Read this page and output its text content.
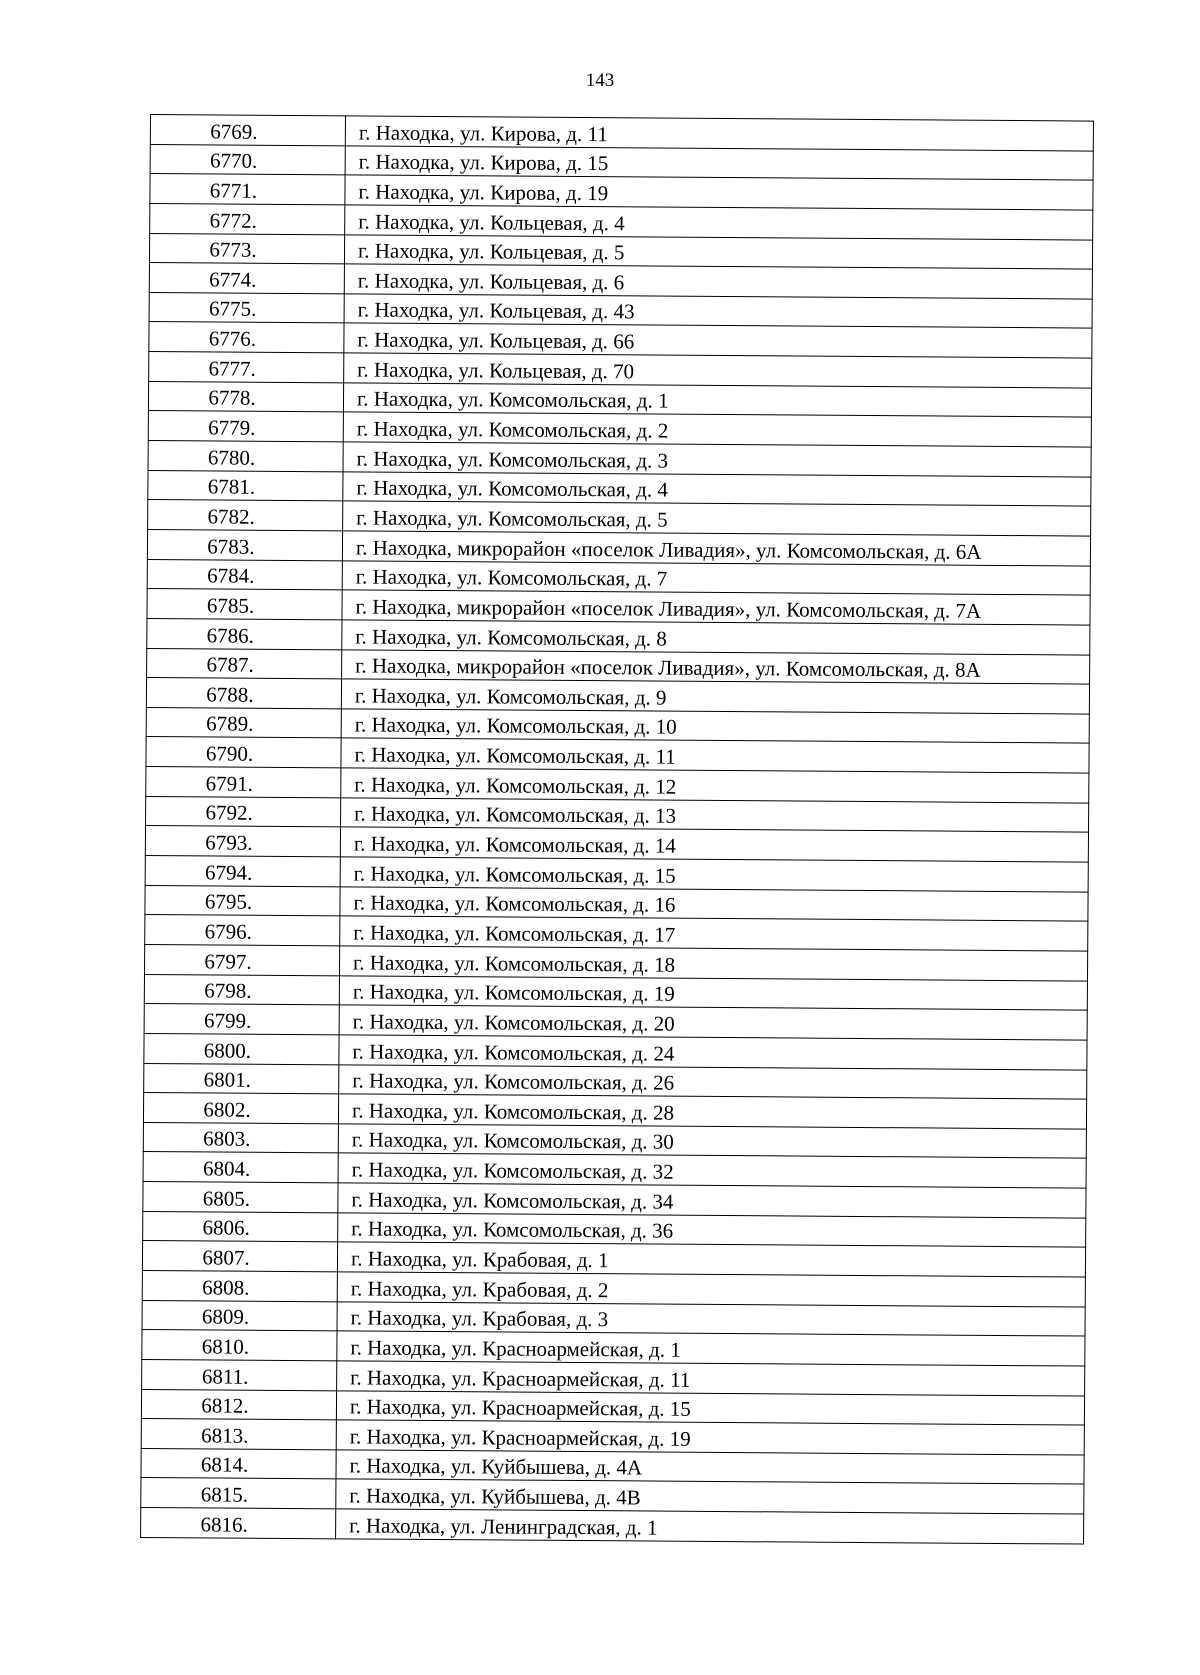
143
6769.	г. Находка, ул. Кирова, д. 11
6770.	г. Находка, ул. Кирова, д. 15
6771.	г. Находка, ул. Кирова, д. 19
6772.	г. Находка, ул. Кольцевая, д. 4
6773.	г. Находка, ул. Кольцевая, д. 5
6774.	г. Находка, ул. Кольцевая, д. 6
6775.	г. Находка, ул. Кольцевая, д. 43
6776.	г. Находка, ул. Кольцевая, д. 66
6777.	г. Находка, ул. Кольцевая, д. 70
6778.	г. Находка, ул. Комсомольская, д. 1
6779.	г. Находка, ул. Комсомольская, д. 2
6780.	г. Находка, ул. Комсомольская, д. 3
6781.	г. Находка, ул. Комсомольская, д. 4
6782.	г. Находка, ул. Комсомольская, д. 5
6783.	г. Находка, микрорайон «поселок Ливадия», ул. Комсомольская, д. 6А
6784.	г. Находка, ул. Комсомольская, д. 7
6785.	г. Находка, микрорайон «поселок Ливадия», ул. Комсомольская, д. 7А
6786.	г. Находка, ул. Комсомольская, д. 8
6787.	г. Находка, микрорайон «поселок Ливадия», ул. Комсомольская, д. 8А
6788.	г. Находка, ул. Комсомольская, д. 9
6789.	г. Находка, ул. Комсомольская, д. 10
6790.	г. Находка, ул. Комсомольская, д. 11
6791.	г. Находка, ул. Комсомольская, д. 12
6792.	г. Находка, ул. Комсомольская, д. 13
6793.	г. Находка, ул. Комсомольская, д. 14
6794.	г. Находка, ул. Комсомольская, д. 15
6795.	г. Находка, ул. Комсомольская, д. 16
6796.	г. Находка, ул. Комсомольская, д. 17
6797.	г. Находка, ул. Комсомольская, д. 18
6798.	г. Находка, ул. Комсомольская, д. 19
6799.	г. Находка, ул. Комсомольская, д. 20
6800.	г. Находка, ул. Комсомольская, д. 24
6801.	г. Находка, ул. Комсомольская, д. 26
6802.	г. Находка, ул. Комсомольская, д. 28
6803.	г. Находка, ул. Комсомольская, д. 30
6804.	г. Находка, ул. Комсомольская, д. 32
6805.	г. Находка, ул. Комсомольская, д. 34
6806.	г. Находка, ул. Комсомольская, д. 36
6807.	г. Находка, ул. Крабовая, д. 1
6808.	г. Находка, ул. Крабовая, д. 2
6809.	г. Находка, ул. Крабовая, д. 3
6810.	г. Находка, ул. Красноармейская, д. 1
6811.	г. Находка, ул. Красноармейская, д. 11
6812.	г. Находка, ул. Красноармейская, д. 15
6813.	г. Находка, ул. Красноармейская, д. 19
6814.	г. Находка, ул. Куйбышева, д. 4А
6815.	г. Находка, ул. Куйбышева, д. 4В
6816.	г. Находка, ул. Ленинградская, д. 1
